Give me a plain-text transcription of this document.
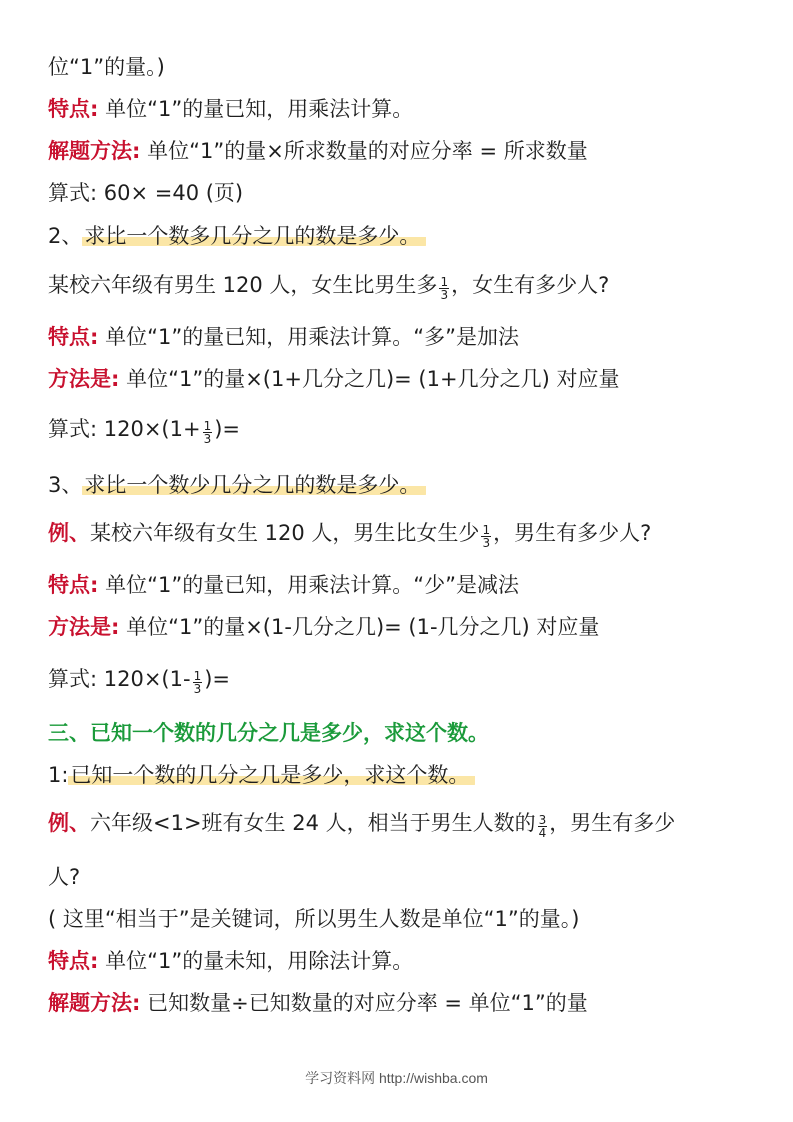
位“1”的量。)
特点: 单位“1”的量已知，用乘法计算。
解题方法: 单位“1”的量×所求数量的对应分率 = 所求数量
算式: 60× =40 (页)
2、求比一个数多几分之几的数是多少。
某校六年级有男生 120 人，女生比男生多 $\frac{1}{3}$ ，女生有多少人?
特点: 单位“1”的量已知，用乘法计算。“多”是加法
方法是: 单位“1”的量×(1+几分之几)= (1+几分之几) 对应量
算式: $120\times(1+ \frac{1}{3}$ )=
3、求比一个数少几分之几的数是多少。
例、某校六年级有女生 120 人，男生比女生少 $\frac{1}{3}$ ，男生有多少人?
特点: 单位“1”的量已知，用乘法计算。“少”是减法
方法是: 单位“1”的量×(1-几分之几)= (1-几分之几) 对应量
算式: $120\times(1- \frac{1}{3}$ )=
三、已知一个数的几分之几是多少，求这个数。
1:已知一个数的几分之几是多少，求这个数。
例、六年级<1>班有女生 24 人，相当于男生人数的 $\frac{3}{4}$ ，男生有多少
人?
( 这里“相当于”是关键词，所以男生人数是单位“1”的量。)
特点: 单位“1”的量未知，用除法计算。
解题方法: 已知数量÷已知数量的对应分率 = 单位“1”的量
学习资料网 http://wishba.com
